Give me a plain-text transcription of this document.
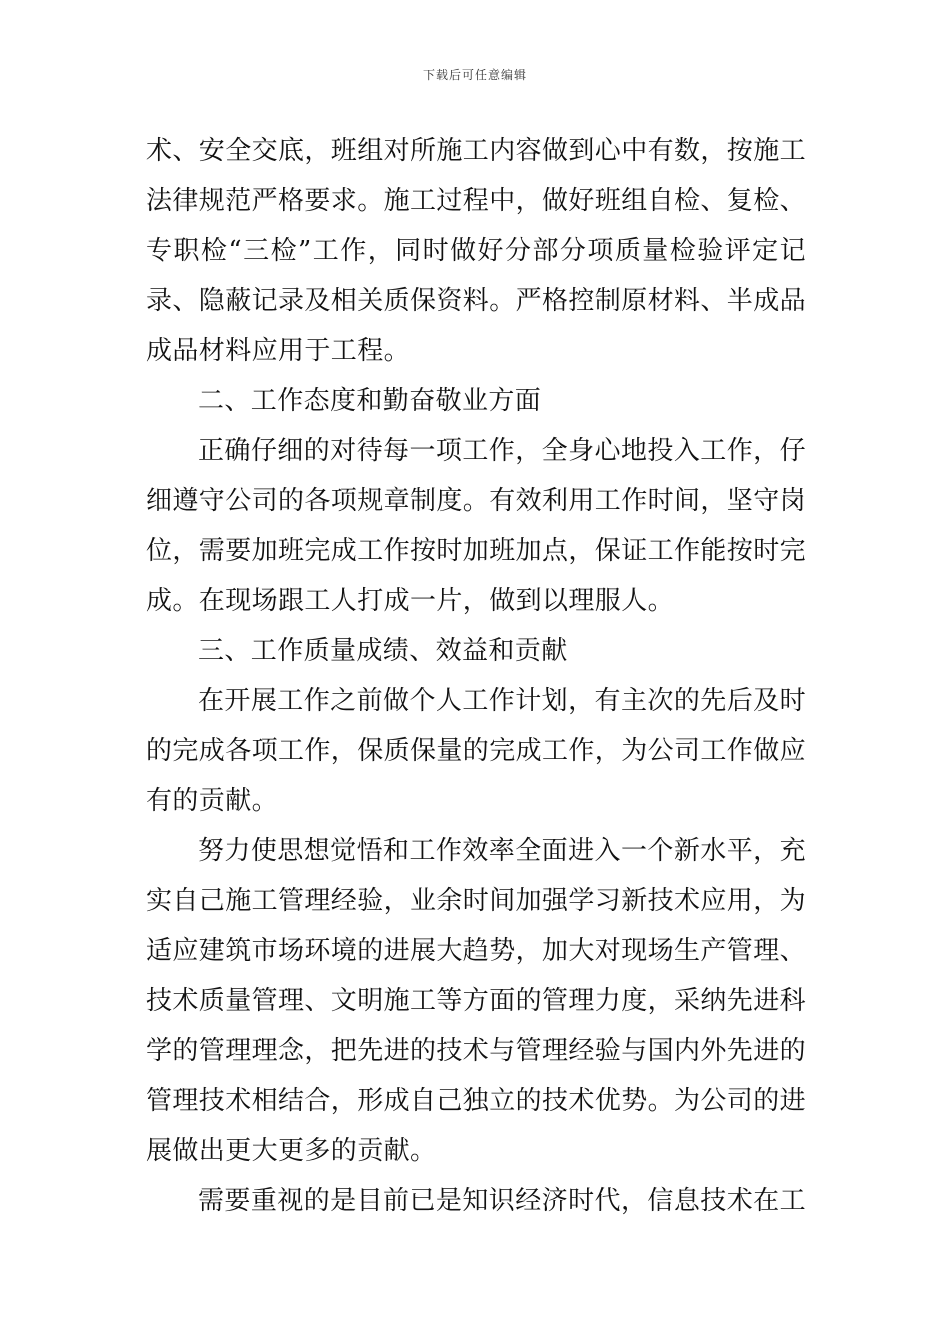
下载后可任意编辑
术、安全交底，班组对所施工内容做到心中有数，按施工
法律规范严格要求。施工过程中，做好班组自检、复检、
专职检“三检”工作，同时做好分部分项质量检验评定记
录、隐蔽记录及相关质保资料。严格控制原材料、半成品
成品材料应用于工程。
二、工作态度和勤奋敬业方面
正确仔细的对待每一项工作，全身心地投入工作，仔
细遵守公司的各项规章制度。有效利用工作时间，坚守岗
位，需要加班完成工作按时加班加点，保证工作能按时完
成。在现场跟工人打成一片，做到以理服人。
三、工作质量成绩、效益和贡献
在开展工作之前做个人工作计划，有主次的先后及时
的完成各项工作，保质保量的完成工作，为公司工作做应
有的贡献。
努力使思想觉悟和工作效率全面进入一个新水平，充
实自己施工管理经验，业余时间加强学习新技术应用，为
适应建筑市场环境的进展大趋势，加大对现场生产管理、
技术质量管理、文明施工等方面的管理力度，采纳先进科
学的管理理念，把先进的技术与管理经验与国内外先进的
管理技术相结合，形成自己独立的技术优势。为公司的进
展做出更大更多的贡献。
需要重视的是目前已是知识经济时代，信息技术在工
